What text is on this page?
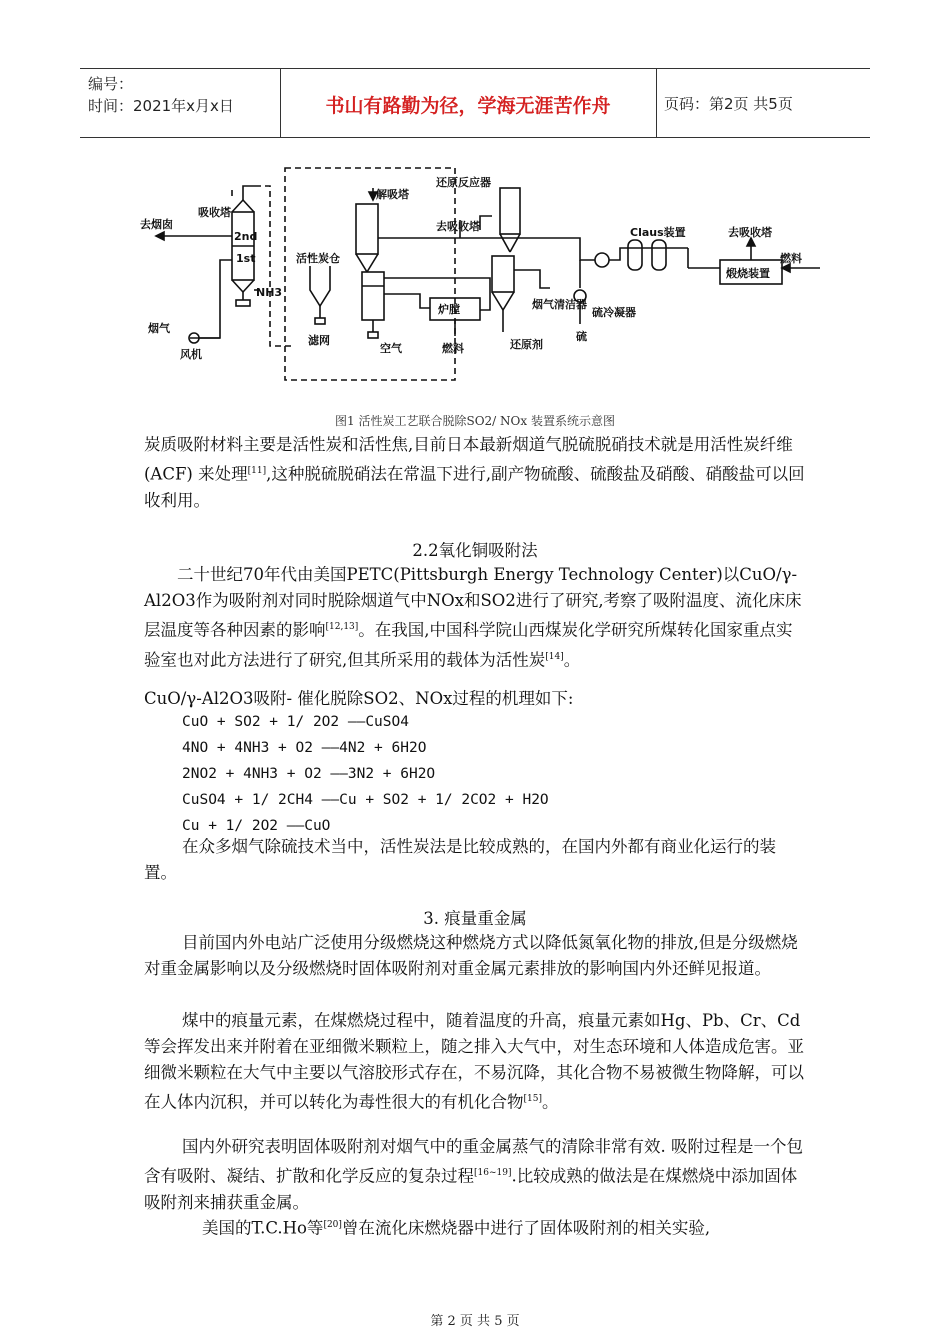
编号：
时间：2021年x月x日	书山有路勤为径，学海无涯苦作舟	页码：第2页 共5页
去烟囱
吸收塔
2nd
1st
NH3
烟气
风机
活性炭仓
滤网
解吸塔
空气
还原反应器
去吸收塔
炉膛
燃料
烟气清洁器
还原剂
Claus装置
硫冷凝器
硫
去吸收塔
燃料
煅烧装置
图1 活性炭工艺联合脱除SO2/ NOx 装置系统示意图

炭质吸附材料主要是活性炭和活性焦,目前日本最新烟道气脱硫脱硝技术就是用活性炭纤维(ACF) 来处理[11],这种脱硫脱硝法在常温下进行,副产物硫酸、硫酸盐及硝酸、硝酸盐可以回收利用。

2.2氧化铜吸附法

二十世纪70年代由美国PETC(Pittsburgh Energy Technology Center)以CuO/γ-Al2O3作为吸附剂对同时脱除烟道气中NOx和SO2进行了研究,考察了吸附温度、流化床床层温度等各种因素的影响[12,13]。在我国,中国科学院山西煤炭化学研究所煤转化国家重点实验室也对此方法进行了研究,但其所采用的载体为活性炭[14]。

CuO/γ-Al2O3吸附- 催化脱除SO2、NOx过程的机理如下:

CuO + SO2 + 1/ 2O2 ——CuSO4
4NO + 4NH3 + O2 ——4N2 + 6H2O
2NO2 + 4NH3 + O2 ——3N2 + 6H2O
CuSO4 + 1/ 2CH4 ——Cu + SO2 + 1/ 2CO2 + H2O
Cu + 1/ 2O2 ——CuO

在众多烟气除硫技术当中，活性炭法是比较成熟的，在国内外都有商业化运行的装置。

3. 痕量重金属

目前国内外电站广泛使用分级燃烧这种燃烧方式以降低氮氧化物的排放,但是分级燃烧对重金属影响以及分级燃烧时固体吸附剂对重金属元素排放的影响国内外还鲜见报道。

煤中的痕量元素，在煤燃烧过程中，随着温度的升高，痕量元素如Hg、Pb、Cr、Cd等会挥发出来并附着在亚细微米颗粒上，随之排入大气中，对生态环境和人体造成危害。亚细微米颗粒在大气中主要以气溶胶形式存在，不易沉降，其化合物不易被微生物降解，可以在人体内沉积，并可以转化为毒性很大的有机化合物[15]。

国内外研究表明固体吸附剂对烟气中的重金属蒸气的清除非常有效. 吸附过程是一个包含有吸附、凝结、扩散和化学反应的复杂过程[16~19].比较成熟的做法是在煤燃烧中添加固体吸附剂来捕获重金属。

美国的T.C.Ho等[20]曾在流化床燃烧器中进行了固体吸附剂的相关实验,

第 2 页 共 5 页
